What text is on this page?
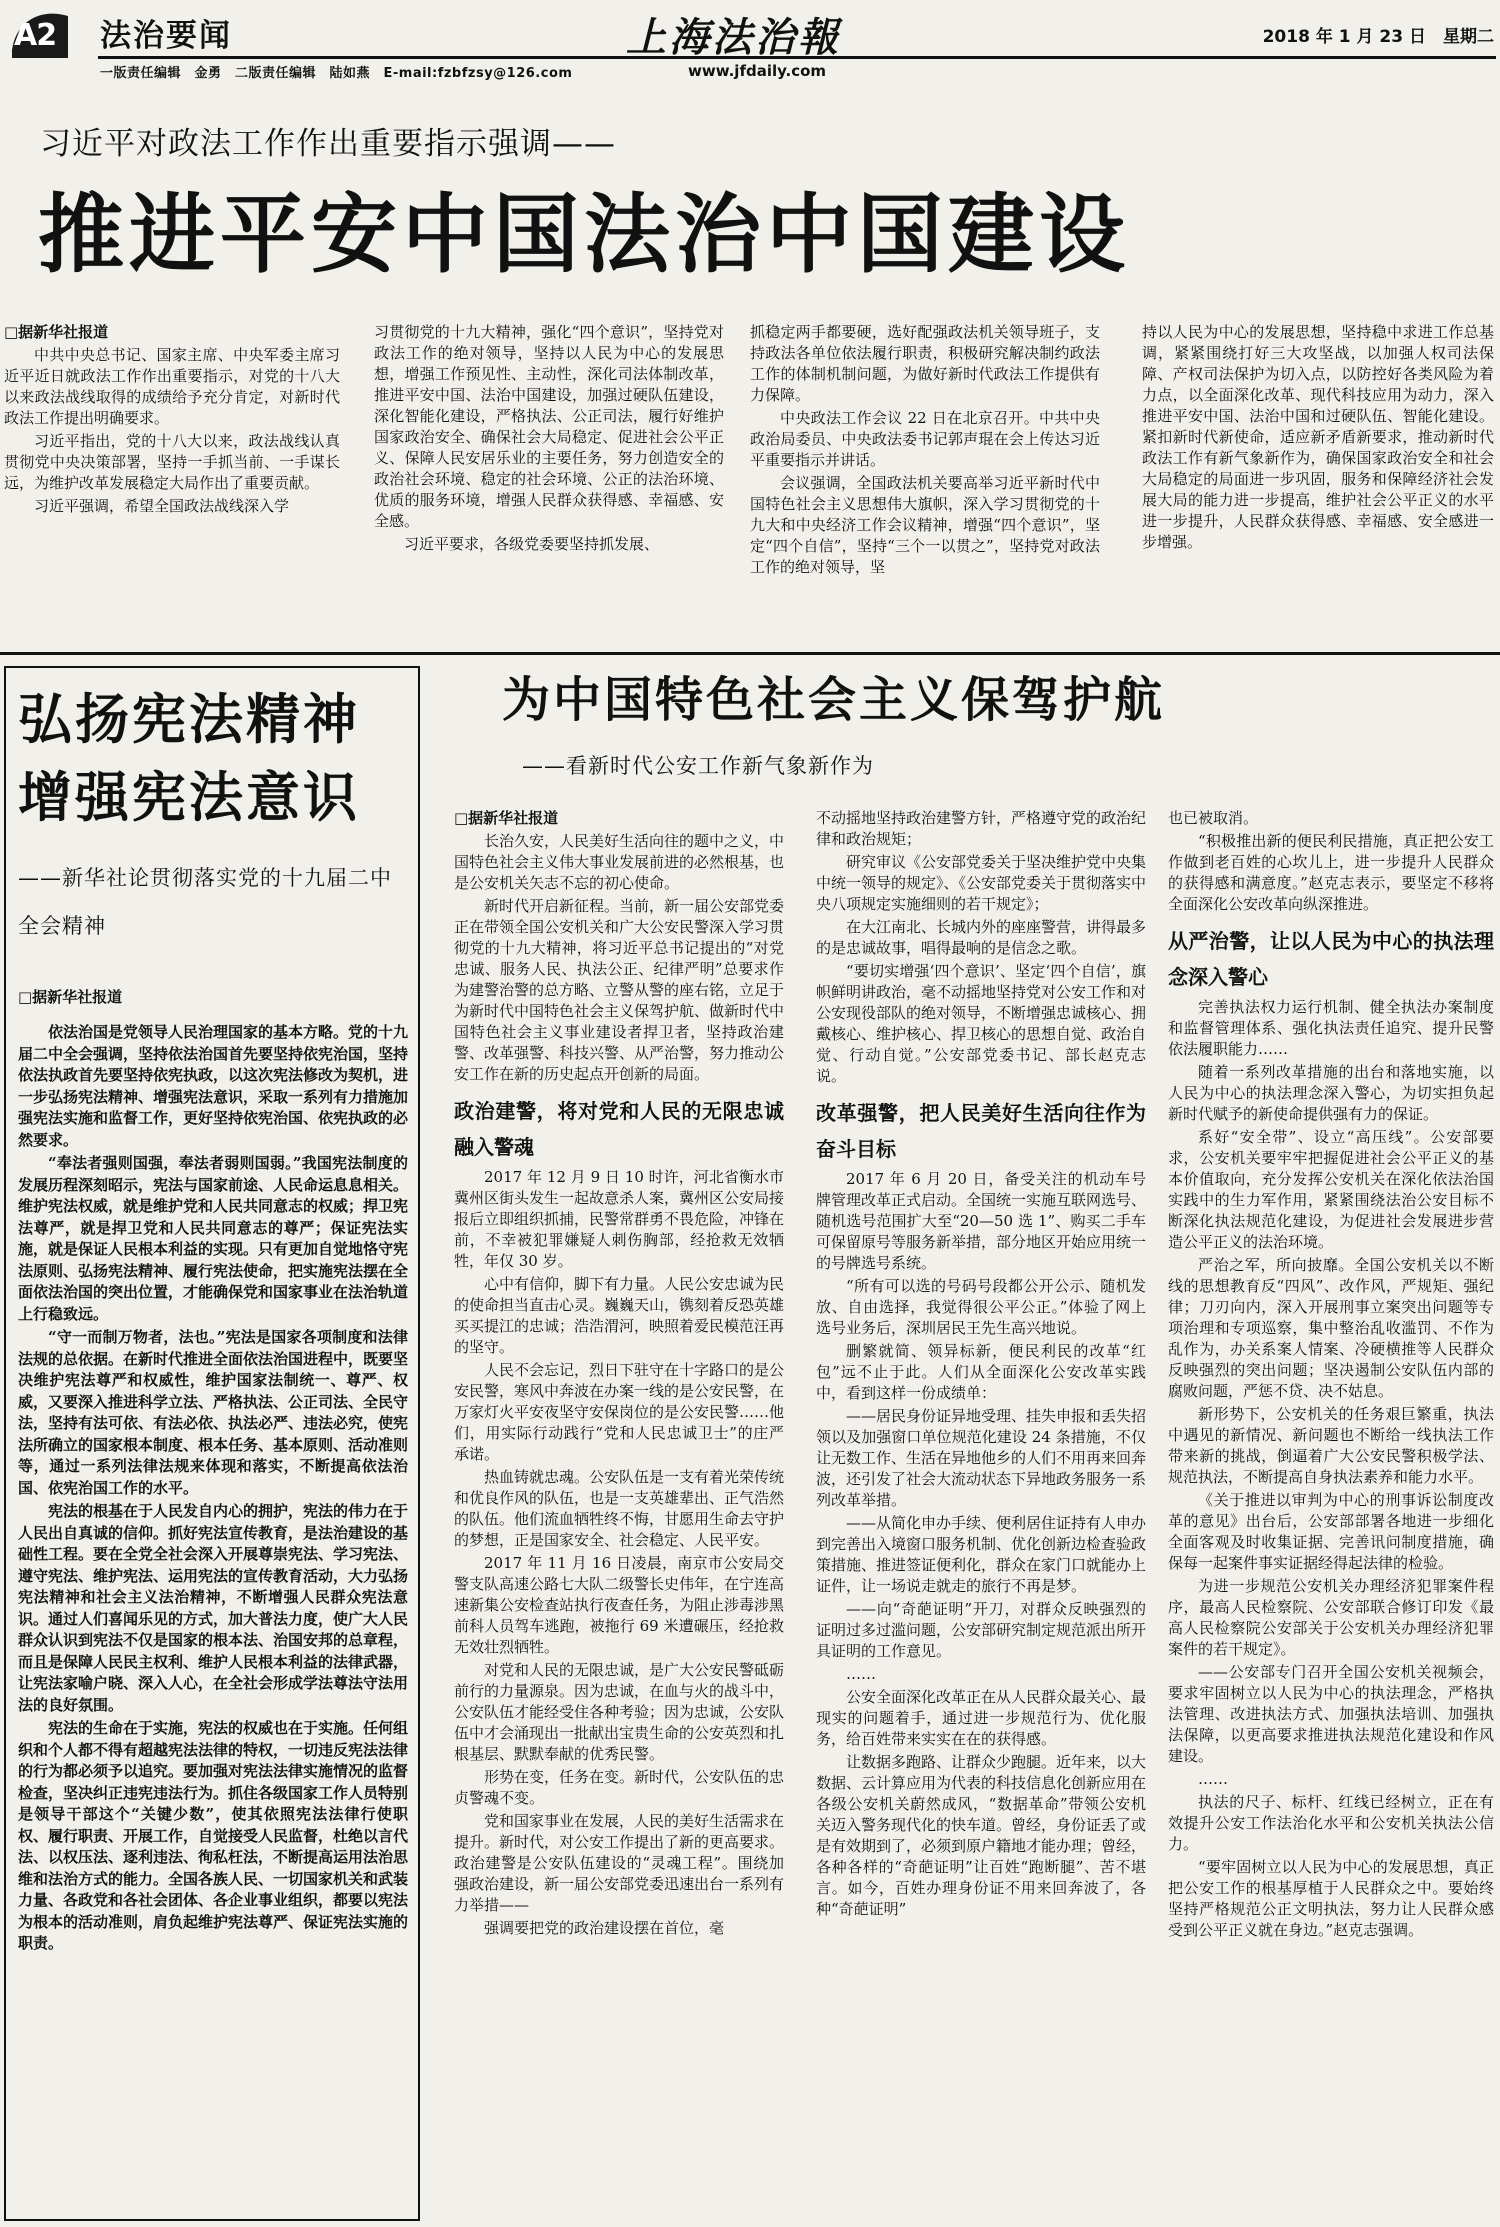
A2 法治要闻
一版责任编辑　金勇　二版责任编辑　陆如燕　E-mail:fzbfzsy@126.com
上海法治報
www.jfdaily.com
2018 年 1 月 23 日　星期二
习近平对政法工作作出重要指示强调——
推进平安中国法治中国建设

□据新华社报道

中共中央总书记、国家主席、中央军委主席习近平近日就政法工作作出重要指示，对党的十八大以来政法战线取得的成绩给予充分肯定，对新时代政法工作提出明确要求。

习近平指出，党的十八大以来，政法战线认真贯彻党中央决策部署，坚持一手抓当前、一手谋长远，为维护改革发展稳定大局作出了重要贡献。

习近平强调，希望全国政法战线深入学

习贯彻党的十九大精神，强化“四个意识”，坚持党对政法工作的绝对领导，坚持以人民为中心的发展思想，增强工作预见性、主动性，深化司法体制改革，推进平安中国、法治中国建设，加强过硬队伍建设，深化智能化建设，严格执法、公正司法，履行好维护国家政治安全、确保社会大局稳定、促进社会公平正义、保障人民安居乐业的主要任务，努力创造安全的政治社会环境、稳定的社会环境、公正的法治环境、优质的服务环境，增强人民群众获得感、幸福感、安全感。

习近平要求，各级党委要坚持抓发展、

抓稳定两手都要硬，选好配强政法机关领导班子，支持政法各单位依法履行职责，积极研究解决制约政法工作的体制机制问题，为做好新时代政法工作提供有力保障。

中央政法工作会议 22 日在北京召开。中共中央政治局委员、中央政法委书记郭声琨在会上传达习近平重要指示并讲话。

会议强调，全国政法机关要高举习近平新时代中国特色社会主义思想伟大旗帜，深入学习贯彻党的十九大和中央经济工作会议精神，增强“四个意识”，坚定“四个自信”，坚持“三个一以贯之”，坚持党对政法工作的绝对领导，坚

持以人民为中心的发展思想，坚持稳中求进工作总基调，紧紧围绕打好三大攻坚战，以加强人权司法保障、产权司法保护为切入点，以防控好各类风险为着力点，以全面深化改革、现代科技应用为动力，深入推进平安中国、法治中国和过硬队伍、智能化建设。紧扣新时代新使命，适应新矛盾新要求，推动新时代政法工作有新气象新作为，确保国家政治安全和社会大局稳定的局面进一步巩固，服务和保障经济社会发展大局的能力进一步提高，维护社会公平正义的水平进一步提升，人民群众获得感、幸福感、安全感进一步增强。

弘扬宪法精神
增强宪法意识
——新华社论贯彻落实党的十九届二中全会精神
□据新华社报道

依法治国是党领导人民治理国家的基本方略。党的十九届二中全会强调，坚持依法治国首先要坚持依宪治国，坚持依法执政首先要坚持依宪执政，以这次宪法修改为契机，进一步弘扬宪法精神、增强宪法意识，采取一系列有力措施加强宪法实施和监督工作，更好坚持依宪治国、依宪执政的必然要求。

“奉法者强则国强，奉法者弱则国弱。”我国宪法制度的发展历程深刻昭示，宪法与国家前途、人民命运息息相关。维护宪法权威，就是维护党和人民共同意志的权威；捍卫宪法尊严，就是捍卫党和人民共同意志的尊严；保证宪法实施，就是保证人民根本利益的实现。只有更加自觉地恪守宪法原则、弘扬宪法精神、履行宪法使命，把实施宪法摆在全面依法治国的突出位置，才能确保党和国家事业在法治轨道上行稳致远。

“守一而制万物者，法也。”宪法是国家各项制度和法律法规的总依据。在新时代推进全面依法治国进程中，既要坚决维护宪法尊严和权威性，维护国家法制统一、尊严、权威，又要深入推进科学立法、严格执法、公正司法、全民守法，坚持有法可依、有法必依、执法必严、违法必究，使宪法所确立的国家根本制度、根本任务、基本原则、活动准则等，通过一系列法律法规来体现和落实，不断提高依法治国、依宪治国工作的水平。

宪法的根基在于人民发自内心的拥护，宪法的伟力在于人民出自真诚的信仰。抓好宪法宣传教育，是法治建设的基础性工程。要在全党全社会深入开展尊崇宪法、学习宪法、遵守宪法、维护宪法、运用宪法的宣传教育活动，大力弘扬宪法精神和社会主义法治精神，不断增强人民群众宪法意识。通过人们喜闻乐见的方式，加大普法力度，使广大人民群众认识到宪法不仅是国家的根本法、治国安邦的总章程，而且是保障人民民主权利、维护人民根本利益的法律武器，让宪法家喻户晓、深入人心，在全社会形成学法尊法守法用法的良好氛围。

宪法的生命在于实施，宪法的权威也在于实施。任何组织和个人都不得有超越宪法法律的特权，一切违反宪法法律的行为都必须予以追究。要加强对宪法法律实施情况的监督检查，坚决纠正违宪违法行为。抓住各级国家工作人员特别是领导干部这个“关键少数”，使其依照宪法法律行使职权、履行职责、开展工作，自觉接受人民监督，杜绝以言代法、以权压法、逐利违法、徇私枉法，不断提高运用法治思维和法治方式的能力。全国各族人民、一切国家机关和武装力量、各政党和各社会团体、各企业事业组织，都要以宪法为根本的活动准则，肩负起维护宪法尊严、保证宪法实施的职责。

为中国特色社会主义保驾护航
——看新时代公安工作新气象新作为

□据新华社报道

长治久安，人民美好生活向往的题中之义，中国特色社会主义伟大事业发展前进的必然根基，也是公安机关矢志不忘的初心使命。

新时代开启新征程。当前，新一届公安部党委正在带领全国公安机关和广大公安民警深入学习贯彻党的十九大精神，将习近平总书记提出的“对党忠诚、服务人民、执法公正、纪律严明”总要求作为建警治警的总方略、立警从警的座右铭，立足于为新时代中国特色社会主义保驾护航、做新时代中国特色社会主义事业建设者捍卫者，坚持政治建警、改革强警、科技兴警、从严治警，努力推动公安工作在新的历史起点开创新的局面。

政治建警，将对党和人民的无限忠诚融入警魂

2017 年 12 月 9 日 10 时许，河北省衡水市冀州区街头发生一起故意杀人案，冀州区公安局接报后立即组织抓捕，民警常群勇不畏危险，冲锋在前，不幸被犯罪嫌疑人刺伤胸部，经抢救无效牺牲，年仅 30 岁。

心中有信仰，脚下有力量。人民公安忠诚为民的使命担当直击心灵。巍巍天山，镌刻着反恐英雄买买提江的忠诚；浩浩渭河，映照着爱民模范汪再的坚守。

人民不会忘记，烈日下驻守在十字路口的是公安民警，寒风中奔波在办案一线的是公安民警，在万家灯火平安夜坚守安保岗位的是公安民警……他们，用实际行动践行“党和人民忠诚卫士”的庄严承诺。

热血铸就忠魂。公安队伍是一支有着光荣传统和优良作风的队伍，也是一支英雄辈出、正气浩然的队伍。他们流血牺牲终不悔，甘愿用生命去守护的梦想，正是国家安全、社会稳定、人民平安。

2017 年 11 月 16 日凌晨，南京市公安局交警支队高速公路七大队二级警长史伟年，在宁连高速新集公安检查站执行夜查任务，为阻止涉毒涉黑前科人员驾车逃跑，被拖行 69 米遭碾压，经抢救无效壮烈牺牲。

对党和人民的无限忠诚，是广大公安民警砥砺前行的力量源泉。因为忠诚，在血与火的战斗中，公安队伍才能经受住各种考验；因为忠诚，公安队伍中才会涌现出一批献出宝贵生命的公安英烈和扎根基层、默默奉献的优秀民警。

形势在变，任务在变。新时代，公安队伍的忠贞警魂不变。

党和国家事业在发展，人民的美好生活需求在提升。新时代，对公安工作提出了新的更高要求。政治建警是公安队伍建设的“灵魂工程”。围绕加强政治建设，新一届公安部党委迅速出台一系列有力举措——

强调要把党的政治建设摆在首位，毫

不动摇地坚持政治建警方针，严格遵守党的政治纪律和政治规矩；

研究审议《公安部党委关于坚决维护党中央集中统一领导的规定》、《公安部党委关于贯彻落实中央八项规定实施细则的若干规定》；

在大江南北、长城内外的座座警营，讲得最多的是忠诚故事，唱得最响的是信念之歌。

“要切实增强‘四个意识’、坚定‘四个自信’，旗帜鲜明讲政治，毫不动摇地坚持党对公安工作和对公安现役部队的绝对领导，不断增强忠诚核心、拥戴核心、维护核心、捍卫核心的思想自觉、政治自觉、行动自觉。”公安部党委书记、部长赵克志说。

改革强警，把人民美好生活向往作为奋斗目标

2017 年 6 月 20 日，备受关注的机动车号牌管理改革正式启动。全国统一实施互联网选号、随机选号范围扩大至“20—50 选 1”、购买二手车可保留原号等服务新举措，部分地区开始应用统一的号牌选号系统。

“所有可以选的号码号段都公开公示、随机发放、自由选择，我觉得很公平公正。”体验了网上选号业务后，深圳居民王先生高兴地说。

删繁就简、领异标新，便民利民的改革“红包”远不止于此。人们从全面深化公安改革实践中，看到这样一份成绩单：

——居民身份证异地受理、挂失申报和丢失招领以及加强窗口单位规范化建设 24 条措施，不仅让无数工作、生活在异地他乡的人们不用再来回奔波，还引发了社会大流动状态下异地政务服务一系列改革举措。

——从简化申办手续、便利居住证持有人申办到完善出入境窗口服务机制、优化创新边检查验政策措施、推进签证便利化，群众在家门口就能办上证件，让一场说走就走的旅行不再是梦。

——向“奇葩证明”开刀，对群众反映强烈的证明过多过滥问题，公安部研究制定规范派出所开具证明的工作意见。

……

公安全面深化改革正在从人民群众最关心、最现实的问题着手，通过进一步规范行为、优化服务，给百姓带来实实在在的获得感。

让数据多跑路、让群众少跑腿。近年来，以大数据、云计算应用为代表的科技信息化创新应用在各级公安机关蔚然成风，“数据革命”带领公安机关迈入警务现代化的快车道。曾经，身份证丢了或是有效期到了，必须到原户籍地才能办理；曾经，各种各样的“奇葩证明”让百姓“跑断腿”、苦不堪言。如今，百姓办理身份证不用来回奔波了，各种“奇葩证明”

也已被取消。

“积极推出新的便民利民措施，真正把公安工作做到老百姓的心坎儿上，进一步提升人民群众的获得感和满意度。”赵克志表示，要坚定不移将全面深化公安改革向纵深推进。

从严治警，让以人民为中心的执法理念深入警心

完善执法权力运行机制、健全执法办案制度和监督管理体系、强化执法责任追究、提升民警依法履职能力……

随着一系列改革措施的出台和落地实施，以人民为中心的执法理念深入警心，为切实担负起新时代赋予的新使命提供强有力的保证。

系好“安全带”、设立“高压线”。公安部要求，公安机关要牢牢把握促进社会公平正义的基本价值取向，充分发挥公安机关在深化依法治国实践中的生力军作用，紧紧围绕法治公安目标不断深化执法规范化建设，为促进社会发展进步营造公平正义的法治环境。

严治之军，所向披靡。全国公安机关以不断线的思想教育反“四风”、改作风，严规矩、强纪律；刀刃向内，深入开展刑事立案突出问题等专项治理和专项巡察，集中整治乱收滥罚、不作为乱作为，办关系案人情案、冷硬横推等人民群众反映强烈的突出问题；坚决遏制公安队伍内部的腐败问题，严惩不贷、决不姑息。

新形势下，公安机关的任务艰巨繁重，执法中遇见的新情况、新问题也不断给一线执法工作带来新的挑战，倒逼着广大公安民警积极学法、规范执法，不断提高自身执法素养和能力水平。

《关于推进以审判为中心的刑事诉讼制度改革的意见》出台后，公安部部署各地进一步细化全面客观及时收集证据、完善讯问制度措施，确保每一起案件事实证据经得起法律的检验。

为进一步规范公安机关办理经济犯罪案件程序，最高人民检察院、公安部联合修订印发《最高人民检察院公安部关于公安机关办理经济犯罪案件的若干规定》。

——公安部专门召开全国公安机关视频会，要求牢固树立以人民为中心的执法理念，严格执法管理、改进执法方式、加强执法培训、加强执法保障，以更高要求推进执法规范化建设和作风建设。

……

执法的尺子、标杆、红线已经树立，正在有效提升公安工作法治化水平和公安机关执法公信力。

“要牢固树立以人民为中心的发展思想，真正把公安工作的根基厚植于人民群众之中。要始终坚持严格规范公正文明执法，努力让人民群众感受到公平正义就在身边。”赵克志强调。
